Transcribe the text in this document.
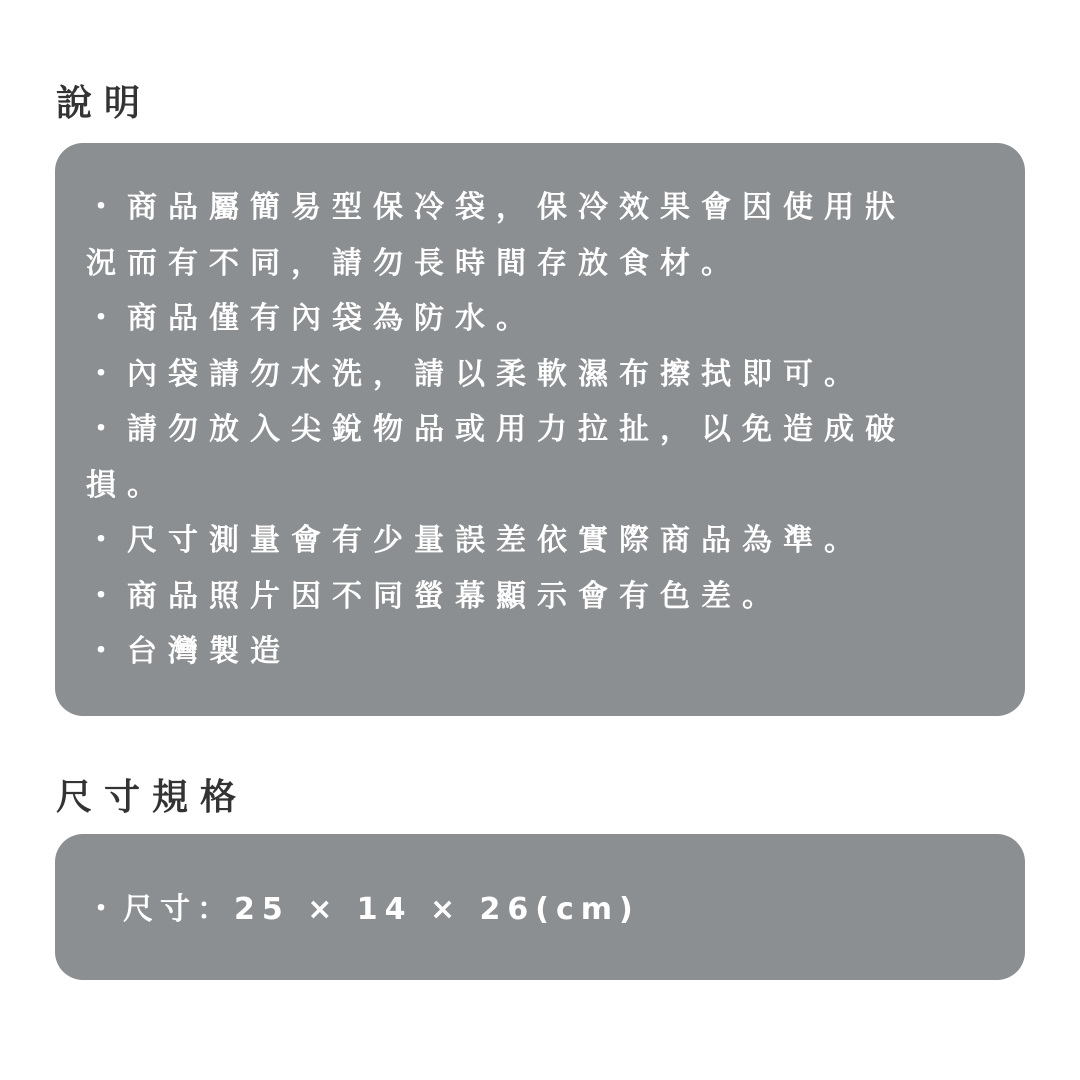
說明
・商品屬簡易型保冷袋，保冷效果會因使用狀
況而有不同，請勿長時間存放食材。
・商品僅有內袋為防水。
・內袋請勿水洗，請以柔軟濕布擦拭即可。
・請勿放入尖銳物品或用力拉扯，以免造成破
損。
・尺寸測量會有少量誤差依實際商品為準。
・商品照片因不同螢幕顯示會有色差。
・台灣製造
尺寸規格
・尺寸：25 × 14 × 26(cm)
